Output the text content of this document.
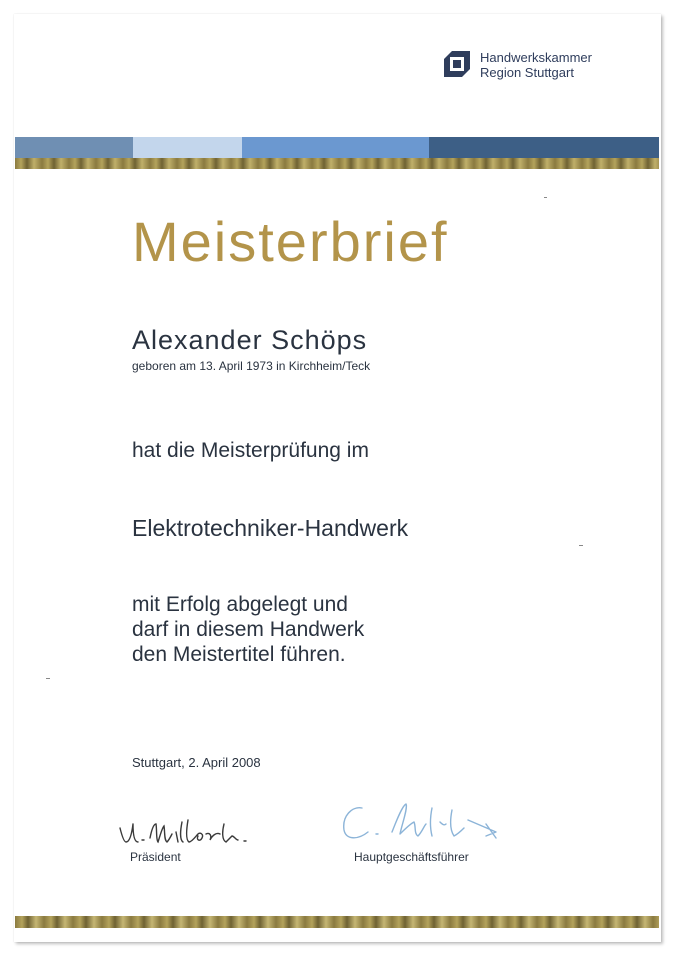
Handwerkskammer
Region Stuttgart
Meisterbrief
Alexander Schöps
geboren am 13. April 1973 in Kirchheim/Teck
hat die Meisterprüfung im
Elektrotechniker-Handwerk
mit Erfolg abgelegt und
darf in diesem Handwerk
den Meistertitel führen.
Stuttgart, 2. April 2008
Präsident	Hauptgeschäftsführer
